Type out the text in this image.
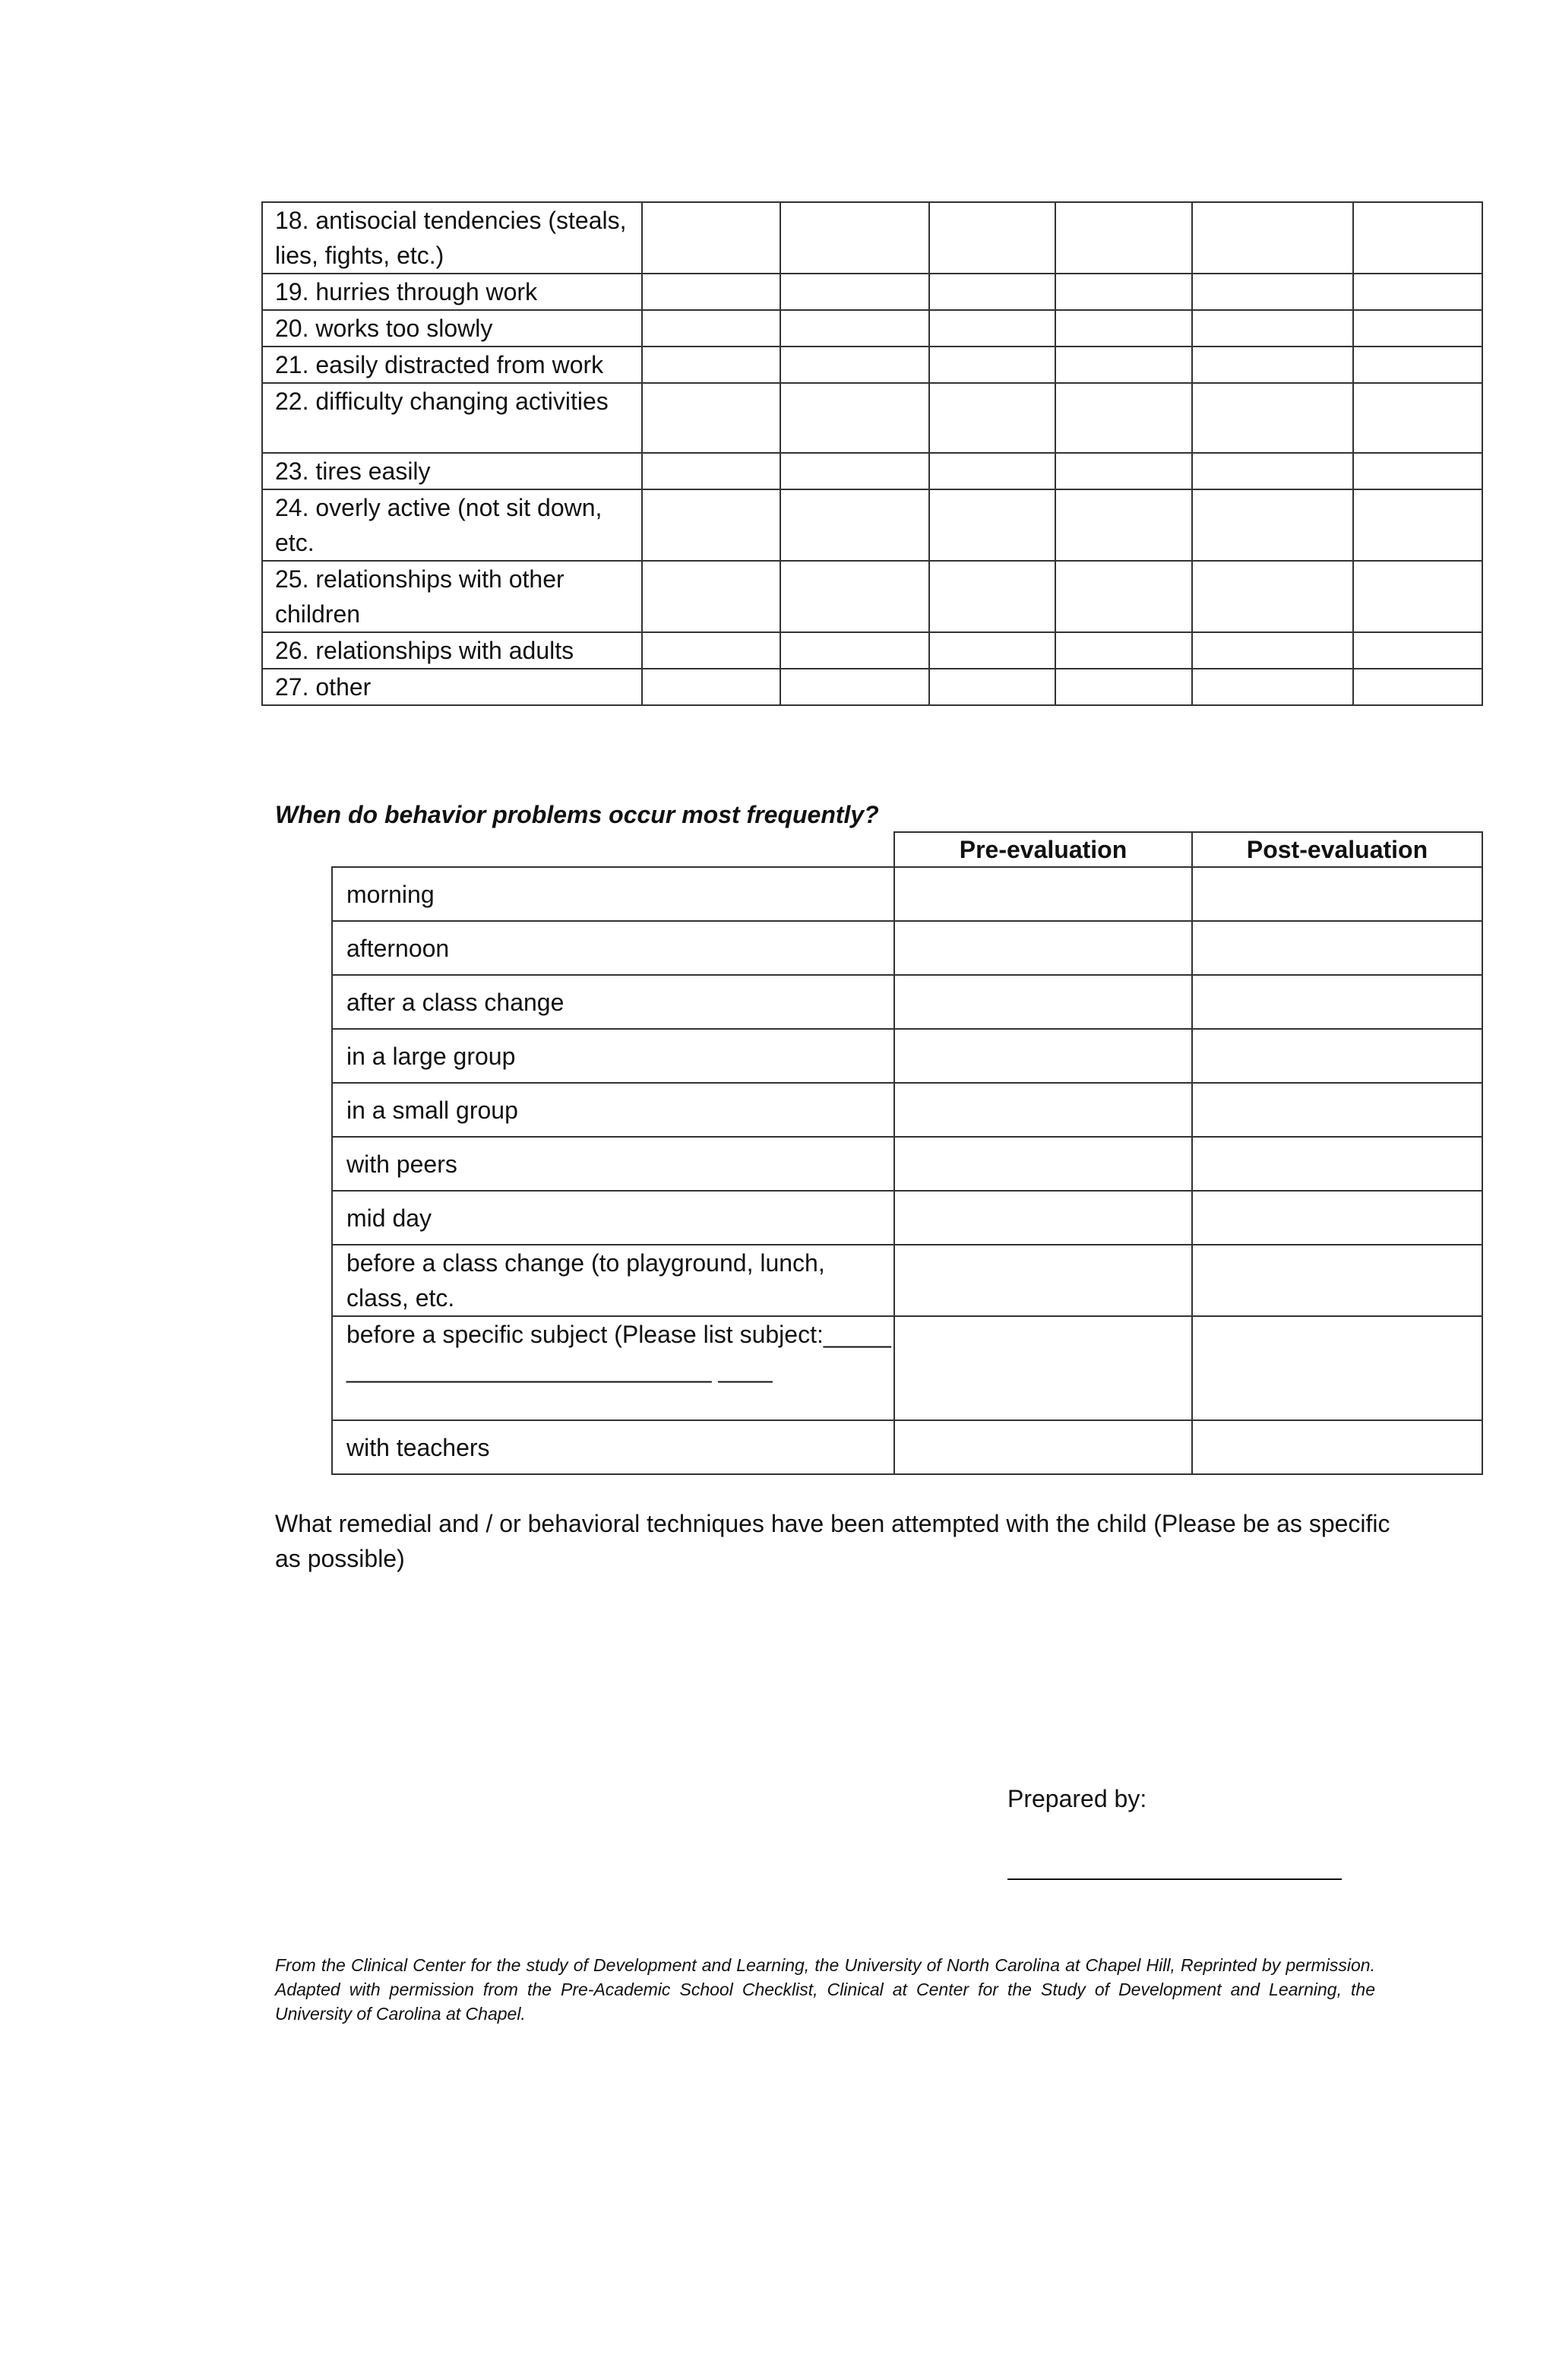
18. antisocial tendencies (steals, lies, fights, etc.)						
19. hurries through work						
20. works too slowly						
21. easily distracted from work						
22. difficulty changing activities						
23. tires easily						
24. overly active (not sit down, etc.						
25. relationships with other children						
26. relationships with adults						
27. other						
When do behavior problems occur most frequently?
	Pre-evaluation	Post-evaluation
morning		
afternoon		
after a class change		
in a large group		
in a small group		
with peers		
mid day		
before a class change (to playground, lunch, class, etc.		
before a specific subject (Please list subject:________________________________ ____		
with teachers		
What remedial and / or behavioral techniques have been attempted with the child (Please be as specific as possible)
Prepared by:
From the Clinical Center for the study of Development and Learning, the University of North Carolina at Chapel Hill, Reprinted by permission. Adapted with permission from the Pre-Academic School Checklist, Clinical at Center for the Study of Development and Learning, the University of Carolina at Chapel.
